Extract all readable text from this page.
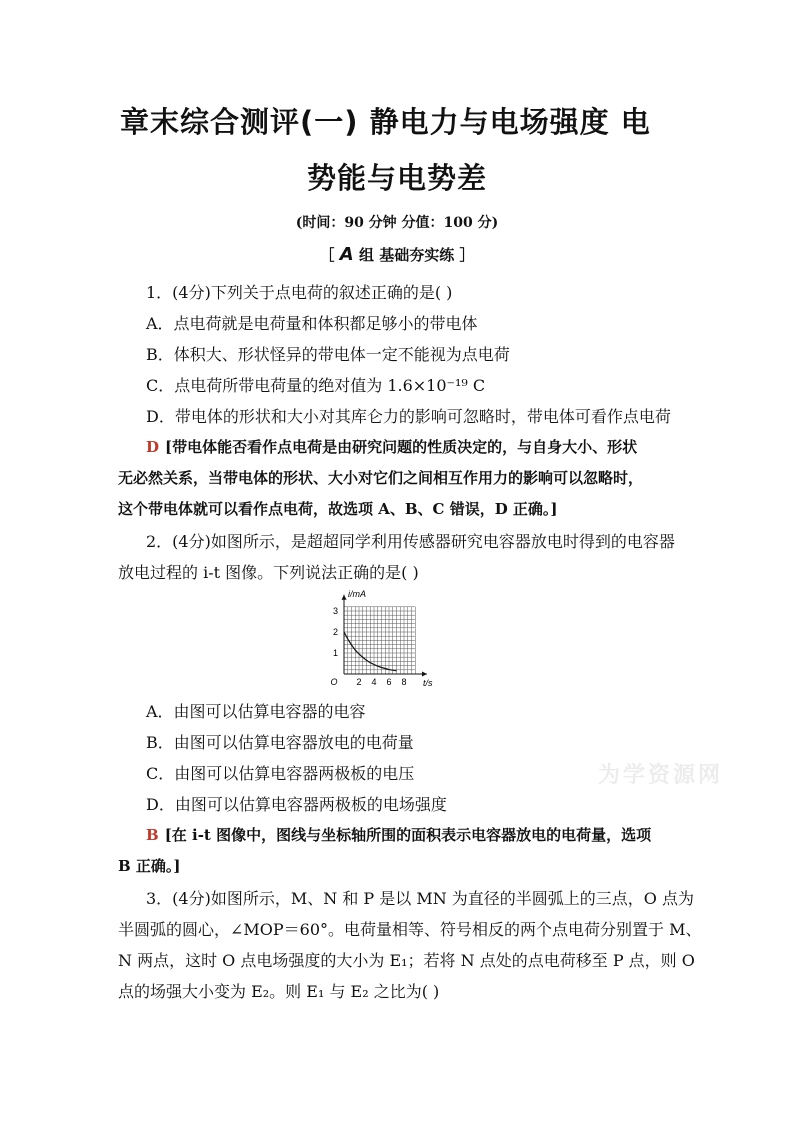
章末综合测评(一) 静电力与电场强度 电
势能与电势差
(时间：90 分钟 分值：100 分)
［ A 组 基础夯实练 ］
1．(4分)下列关于点电荷的叙述正确的是( )
A．点电荷就是电荷量和体积都足够小的带电体
B．体积大、形状怪异的带电体一定不能视为点电荷
C．点电荷所带电荷量的绝对值为 1.6×10⁻¹⁹ C
D．带电体的形状和大小对其库仑力的影响可忽略时，带电体可看作点电荷
D [带电体能否看作点电荷是由研究问题的性质决定的，与自身大小、形状
无必然关系，当带电体的形状、大小对它们之间相互作用力的影响可以忽略时，
这个带电体就可以看作点电荷，故选项 A、B、C 错误，D 正确。]
2．(4分)如图所示，是超超同学利用传感器研究电容器放电时得到的电容器
放电过程的 i-t 图像。下列说法正确的是( )
2 4 6 8
1
2
3
O	t/s
i/mA
A．由图可以估算电容器的电容
B．由图可以估算电容器放电的电荷量
C．由图可以估算电容器两极板的电压
D．由图可以估算电容器两极板的电场强度
B [在 i-t 图像中，图线与坐标轴所围的面积表示电容器放电的电荷量，选项
B 正确。]
3．(4分)如图所示，M、N 和 P 是以 MN 为直径的半圆弧上的三点，O 点为
半圆弧的圆心，∠MOP＝60°。电荷量相等、符号相反的两个点电荷分别置于 M、
N 两点，这时 O 点电场强度的大小为 E₁；若将 N 点处的点电荷移至 P 点，则 O
点的场强大小变为 E₂。则 E₁ 与 E₂ 之比为( )
为学资源网
